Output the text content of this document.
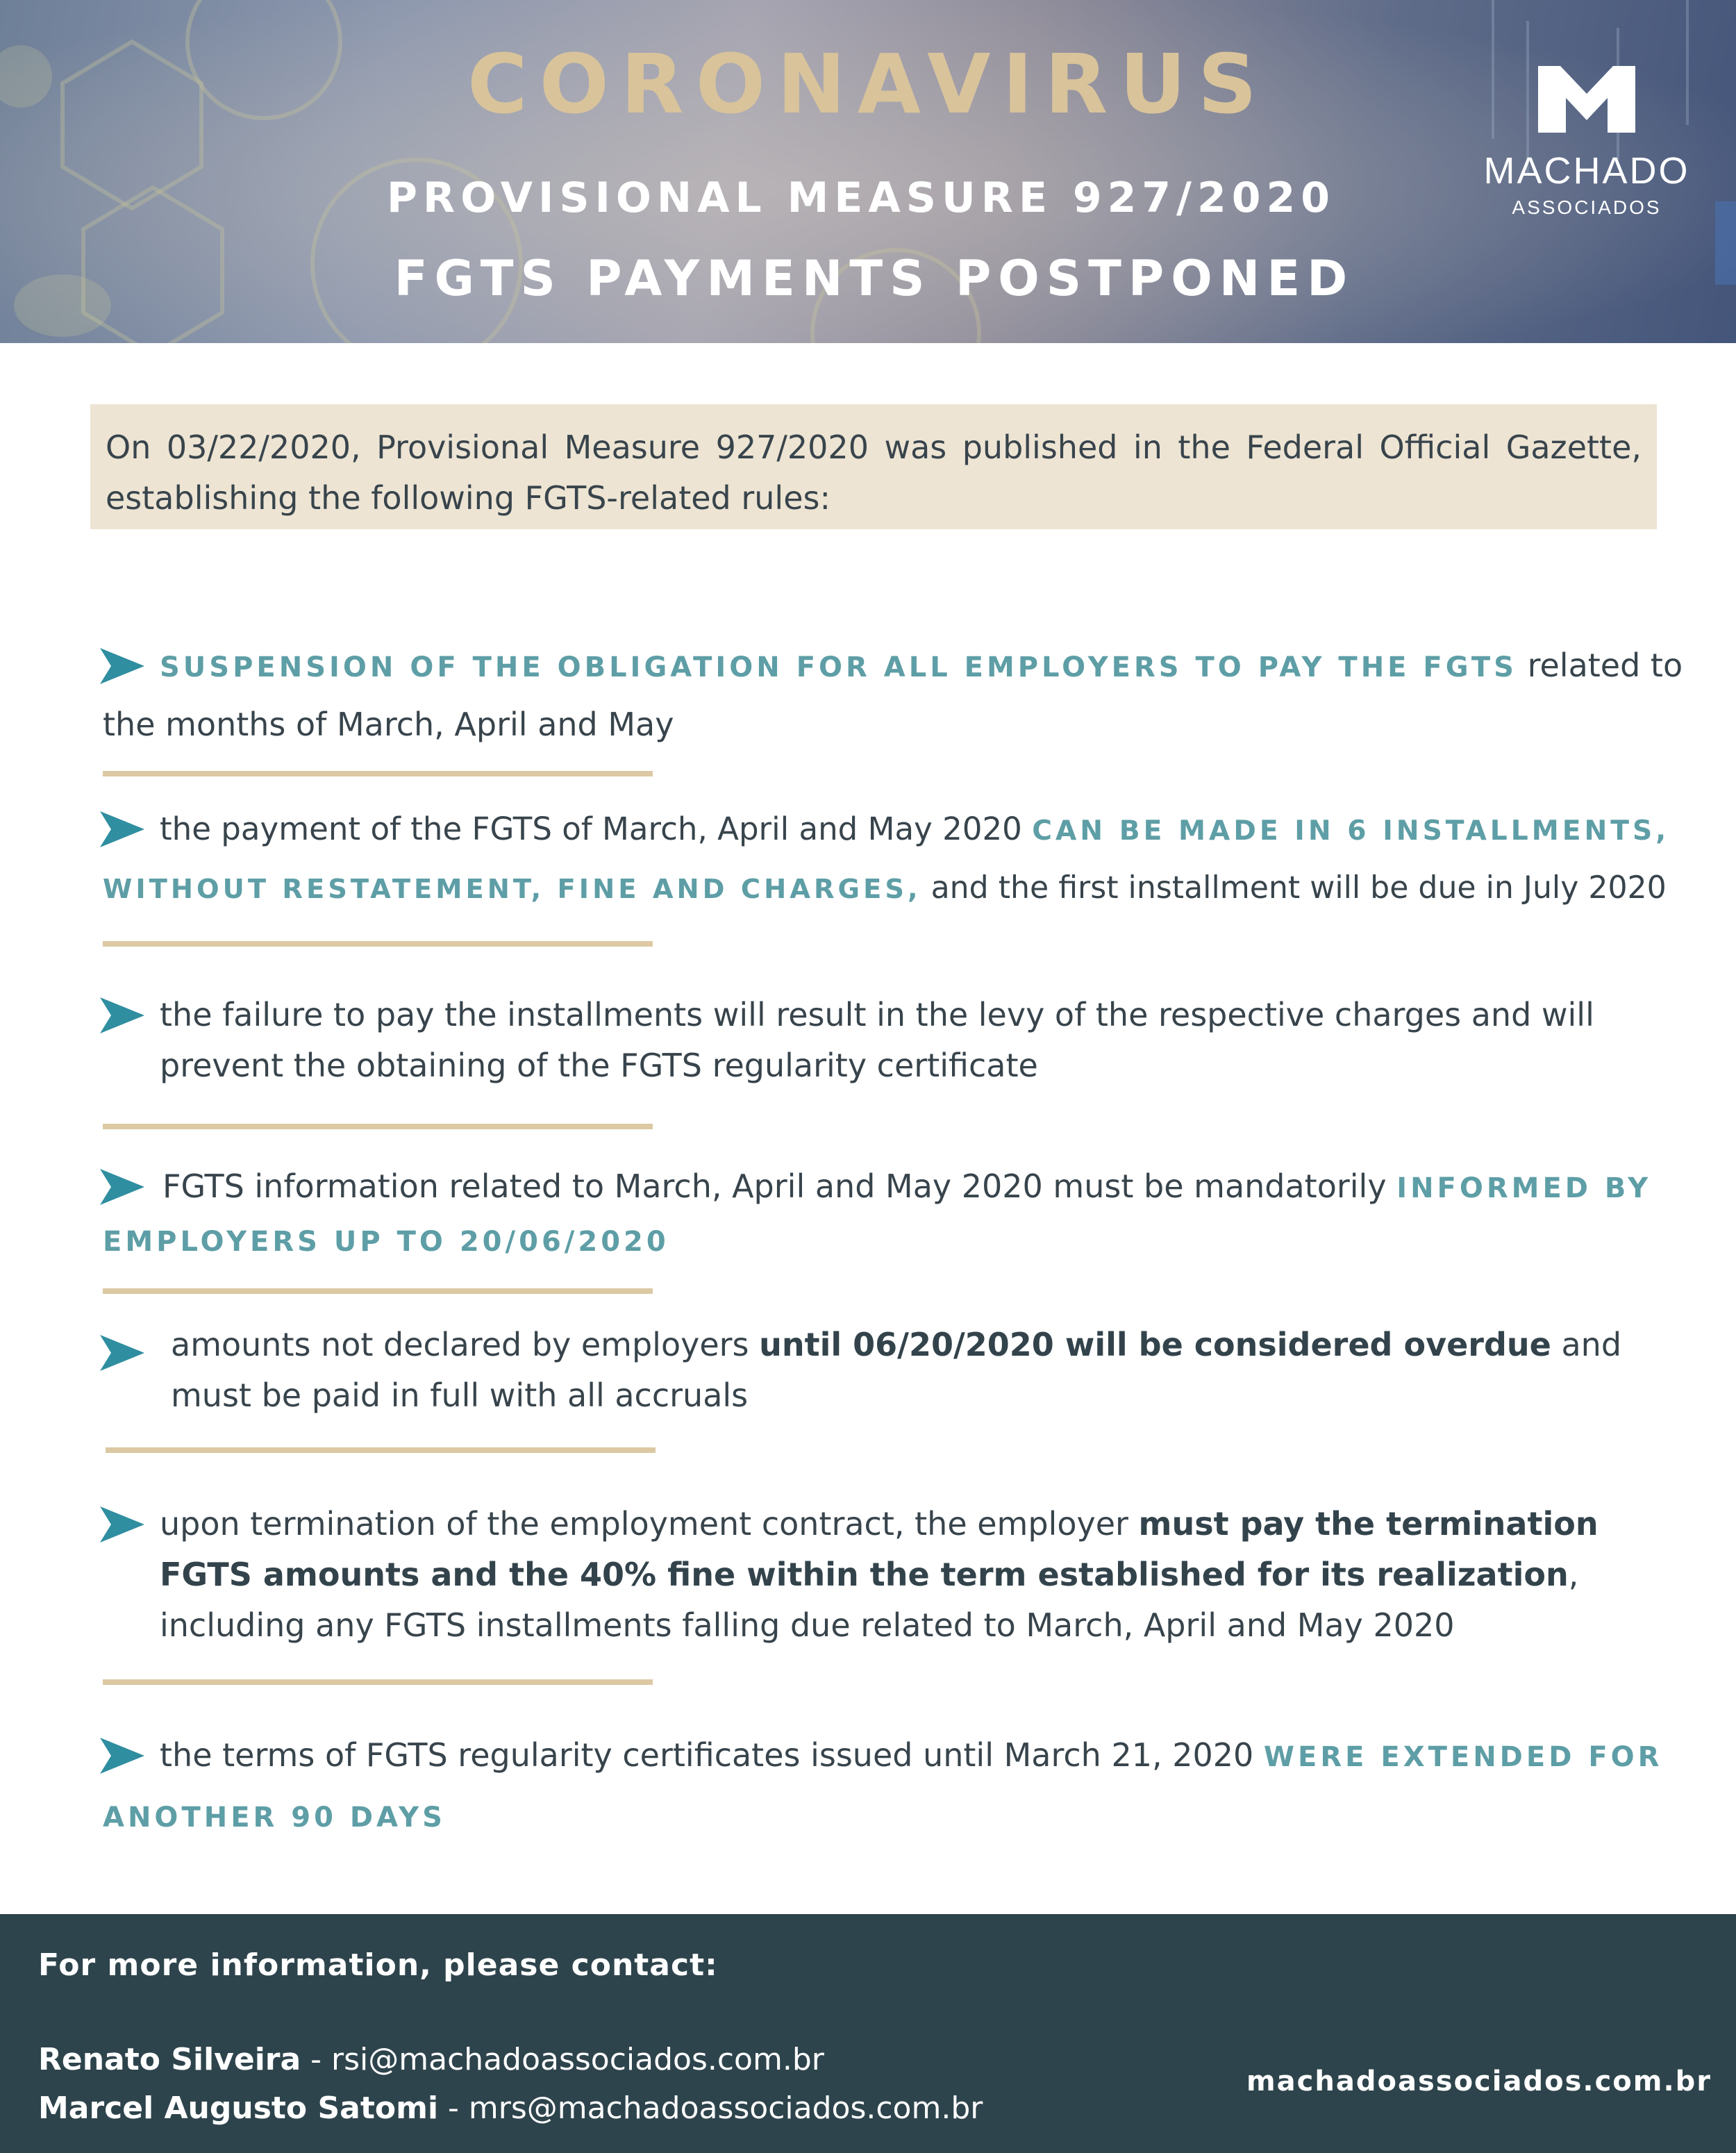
CORONAVIRUS
PROVISIONAL MEASURE 927/2020
FGTS PAYMENTS POSTPONED
MACHADO
ASSOCIADOS
On 03/22/2020, Provisional Measure 927/2020 was published in the Federal Official Gazette, establishing the following FGTS-related rules:
SUSPENSION OF THE OBLIGATION FOR ALL EMPLOYERS TO PAY THE FGTS related to
the months of March, April and May
the payment of the FGTS of March, April and May 2020 CAN BE MADE IN 6 INSTALLMENTS,
WITHOUT RESTATEMENT, FINE AND CHARGES, and the first installment will be due in July 2020
the failure to pay the installments will result in the levy of the respective charges and will
prevent the obtaining of the FGTS regularity certificate
FGTS information related to March, April and May 2020 must be mandatorily INFORMED BY
EMPLOYERS UP TO 20/06/2020
amounts not declared by employers until 06/20/2020 will be considered overdue and
must be paid in full with all accruals
upon termination of the employment contract, the employer must pay the termination
FGTS amounts and the 40% fine within the term established for its realization,
including any FGTS installments falling due related to March, April and May 2020
the terms of FGTS regularity certificates issued until March 21, 2020 WERE EXTENDED FOR
ANOTHER 90 DAYS
For more information, please contact:
Renato Silveira - rsi@machadoassociados.com.br
Marcel Augusto Satomi - mrs@machadoassociados.com.br
machadoassociados.com.br
